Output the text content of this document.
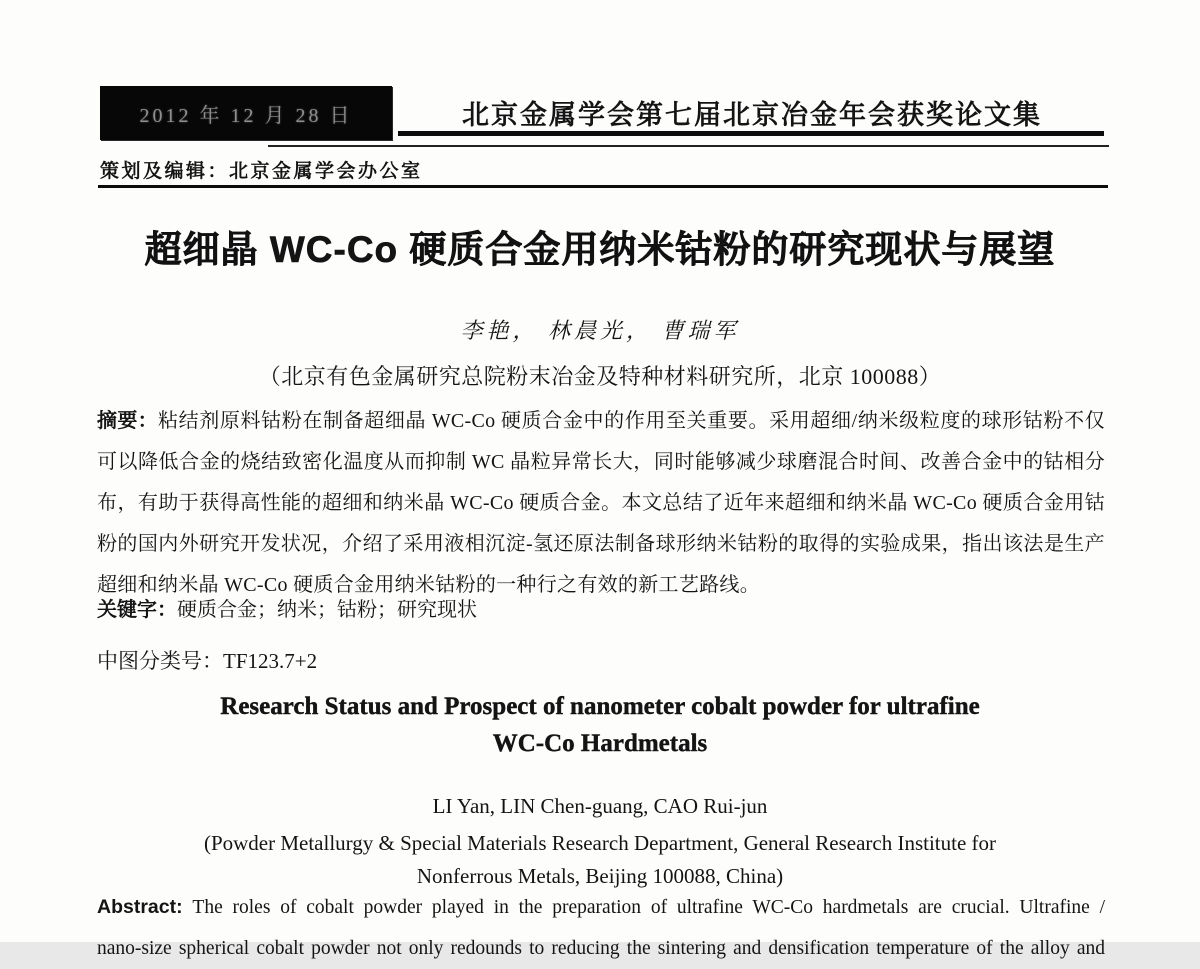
2012 年 12 月 28 日	北京金属学会第七届北京冶金年会获奖论文集
策划及编辑：北京金属学会办公室
超细晶 WC-Co 硬质合金用纳米钴粉的研究现状与展望
李艳， 林晨光， 曹瑞军
（北京有色金属研究总院粉末冶金及特种材料研究所，北京 100088）

摘要：粘结剂原料钴粉在制备超细晶 WC-Co 硬质合金中的作用至关重要。采用超细/纳米级粒度的球形钴粉不仅可以降低合金的烧结致密化温度从而抑制 WC 晶粒异常长大，同时能够减少球磨混合时间、改善合金中的钴相分布，有助于获得高性能的超细和纳米晶 WC-Co 硬质合金。本文总结了近年来超细和纳米晶 WC-Co 硬质合金用钴粉的国内外研究开发状况，介绍了采用液相沉淀-氢还原法制备球形纳米钴粉的取得的实验成果，指出该法是生产超细和纳米晶 WC-Co 硬质合金用纳米钴粉的一种行之有效的新工艺路线。

关键字：硬质合金；纳米；钴粉；研究现状

中图分类号：TF123.7+2

Research Status and Prospect of nanometer cobalt powder for ultrafine
WC-Co Hardmetals
LI Yan, LIN Chen-guang, CAO Rui-jun
(Powder Metallurgy & Special Materials Research Department, General Research Institute for
Nonferrous Metals, Beijing 100088, China)
Abstract: The roles of cobalt powder played in the preparation of ultrafine WC-Co hardmetals are crucial. Ultrafine /
nano-size spherical cobalt powder not only redounds to reducing the sintering and densification temperature of the alloy and
